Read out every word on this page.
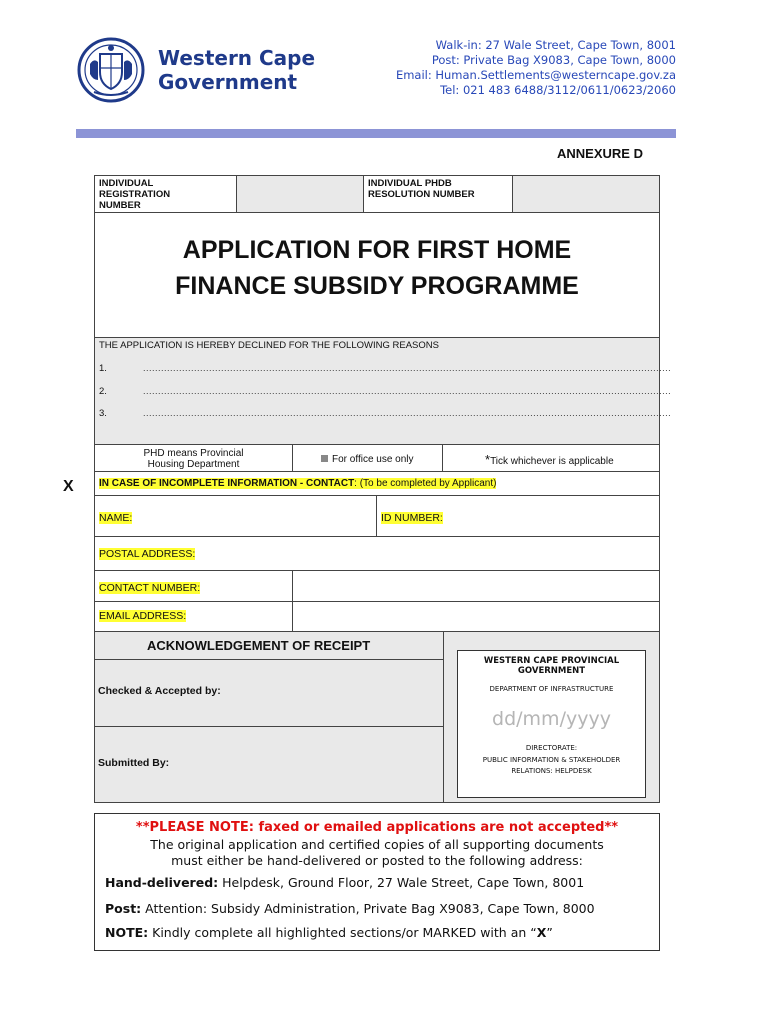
Western Cape
Government
Walk-in: 27 Wale Street, Cape Town, 8001
Post: Private Bag X9083, Cape Town, 8000
Email: Human.Settlements@westerncape.gov.za
Tel: 021 483 6488/3112/0611/0623/2060
ANNEXURE D
X
INDIVIDUAL REGISTRATION NUMBER
INDIVIDUAL PHDB RESOLUTION NUMBER
APPLICATION FOR FIRST HOME
FINANCE SUBSIDY PROGRAMME
THE APPLICATION IS HEREBY DECLINED FOR THE FOLLOWING REASONS
1.	................................................................................................................................................................................
2.	................................................................................................................................................................................
3.	................................................................................................................................................................................
PHD means Provincial
Housing Department	For office use only	*Tick whichever is applicable
IN CASE OF INCOMPLETE INFORMATION - CONTACT: (To be completed by Applicant)
NAME:	ID NUMBER:
POSTAL ADDRESS:
CONTACT NUMBER:
EMAIL ADDRESS:
ACKNOWLEDGEMENT OF RECEIPT
Checked & Accepted by:
Submitted By:
WESTERN CAPE PROVINCIAL
GOVERNMENT
DEPARTMENT OF INFRASTRUCTURE
dd/mm/yyyy
DIRECTORATE:
PUBLIC INFORMATION & STAKEHOLDER
RELATIONS: HELPDESK
**PLEASE NOTE: faxed or emailed applications are not accepted**
The original application and certified copies of all supporting documents
must either be hand-delivered or posted to the following address:
Hand-delivered: Helpdesk, Ground Floor, 27 Wale Street, Cape Town, 8001
Post: Attention: Subsidy Administration, Private Bag X9083, Cape Town, 8000
NOTE: Kindly complete all highlighted sections/or MARKED with an “X”
